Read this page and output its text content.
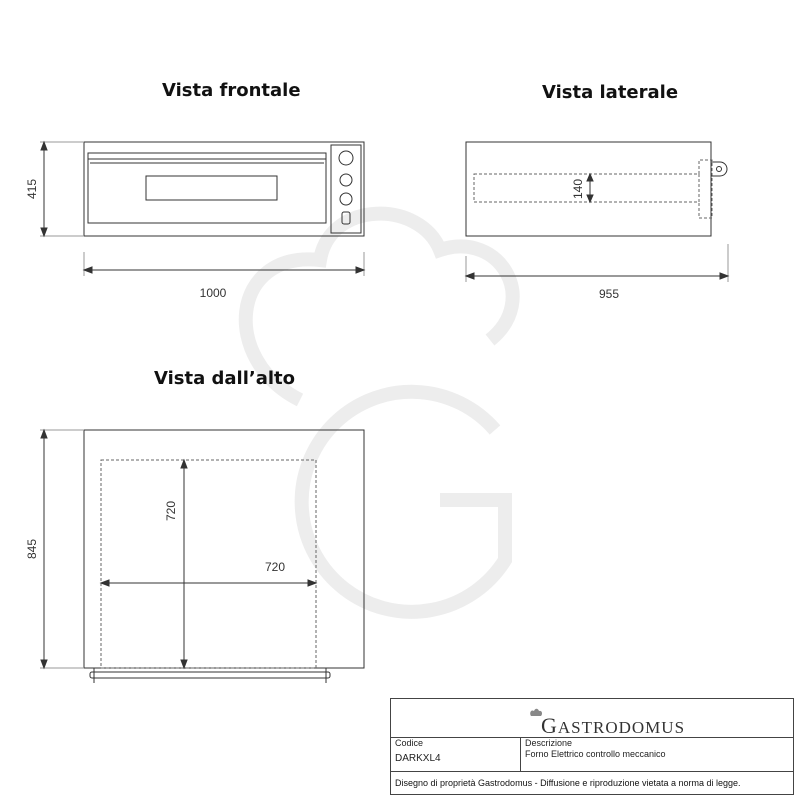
415
1000
140
955
845
720
720
Vista frontale	Vista laterale
Vista dall’alto
GASTRODOMUS
Codice
DARKXL4
Descrizione
Forno Elettrico controllo meccanico
Disegno di proprietà Gastrodomus - Diffusione e riproduzione vietata a norma di legge.
